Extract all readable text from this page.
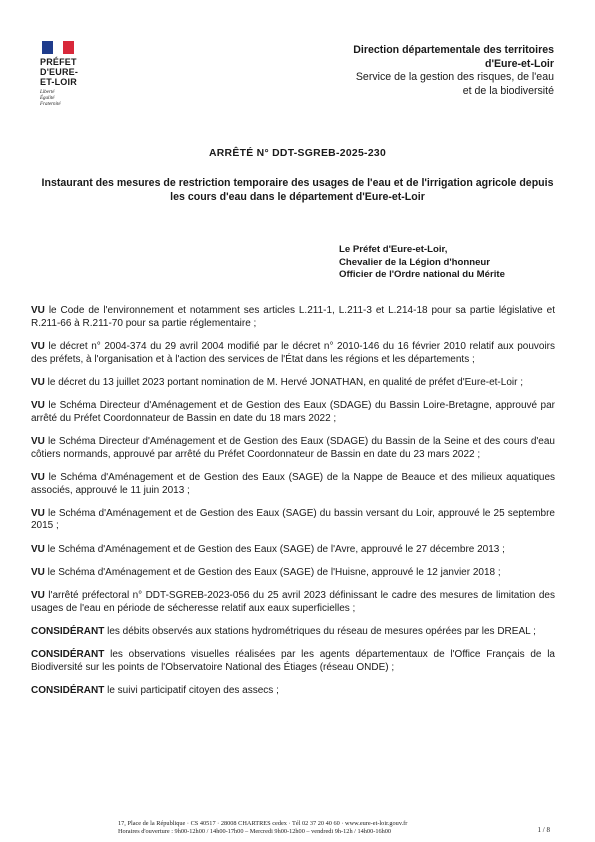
PRÉFET
D'EURE-
ET-LOIR
Liberté
Égalité
Fraternité
Direction départementale des territoires
d'Eure-et-Loir
Service de la gestion des risques, de l'eau
et de la biodiversité
ARRÊTÉ N° DDT-SGREB-2025-230
Instaurant des mesures de restriction temporaire des usages de l'eau et de l'irrigation agricole depuis les cours d'eau dans le département d'Eure-et-Loir
Le Préfet d'Eure-et-Loir,
Chevalier de la Légion d'honneur
Officier de l'Ordre national du Mérite

VU le Code de l'environnement et notamment ses articles L.211-1, L.211-3 et L.214-18 pour sa partie législative et R.211-66 à R.211-70 pour sa partie réglementaire ;

VU le décret n° 2004-374 du 29 avril 2004 modifié par le décret n° 2010-146 du 16 février 2010 relatif aux pouvoirs des préfets, à l'organisation et à l'action des services de l'État dans les régions et les départements ;

VU le décret du 13 juillet 2023 portant nomination de M. Hervé JONATHAN, en qualité de préfet d'Eure-et-Loir ;

VU le Schéma Directeur d'Aménagement et de Gestion des Eaux (SDAGE) du Bassin Loire-Bretagne, approuvé par arrêté du Préfet Coordonnateur de Bassin en date du 18 mars 2022 ;

VU le Schéma Directeur d'Aménagement et de Gestion des Eaux (SDAGE) du Bassin de la Seine et des cours d'eau côtiers normands, approuvé par arrêté du Préfet Coordonnateur de Bassin en date du 23 mars 2022 ;

VU le Schéma d'Aménagement et de Gestion des Eaux (SAGE) de la Nappe de Beauce et des milieux aquatiques associés, approuvé le 11 juin 2013 ;

VU le Schéma d'Aménagement et de Gestion des Eaux (SAGE) du bassin versant du Loir, approuvé le 25 septembre 2015 ;

VU le Schéma d'Aménagement et de Gestion des Eaux (SAGE) de l'Avre, approuvé le 27 décembre 2013 ;

VU le Schéma d'Aménagement et de Gestion des Eaux (SAGE) de l'Huisne, approuvé le 12 janvier 2018 ;

VU l'arrêté préfectoral n° DDT-SGREB-2023-056 du 25 avril 2023 définissant le cadre des mesures de limitation des usages de l'eau en période de sécheresse relatif aux eaux superficielles ;

CONSIDÉRANT les débits observés aux stations hydrométriques du réseau de mesures opérées par les DREAL ;

CONSIDÉRANT les observations visuelles réalisées par les agents départementaux de l'Office Français de la Biodiversité sur les points de l'Observatoire National des Étiages (réseau ONDE) ;

CONSIDÉRANT le suivi participatif citoyen des assecs ;

17, Place de la République · CS 40517 · 28008 CHARTRES cedex · Tél 02 37 20 40 60 · www.eure-et-loir.gouv.fr
Horaires d'ouverture : 9h00-12h00 / 14h00-17h00 – Mercredi 9h00-12h00 – vendredi 9h-12h / 14h00-16h00	1 / 8
